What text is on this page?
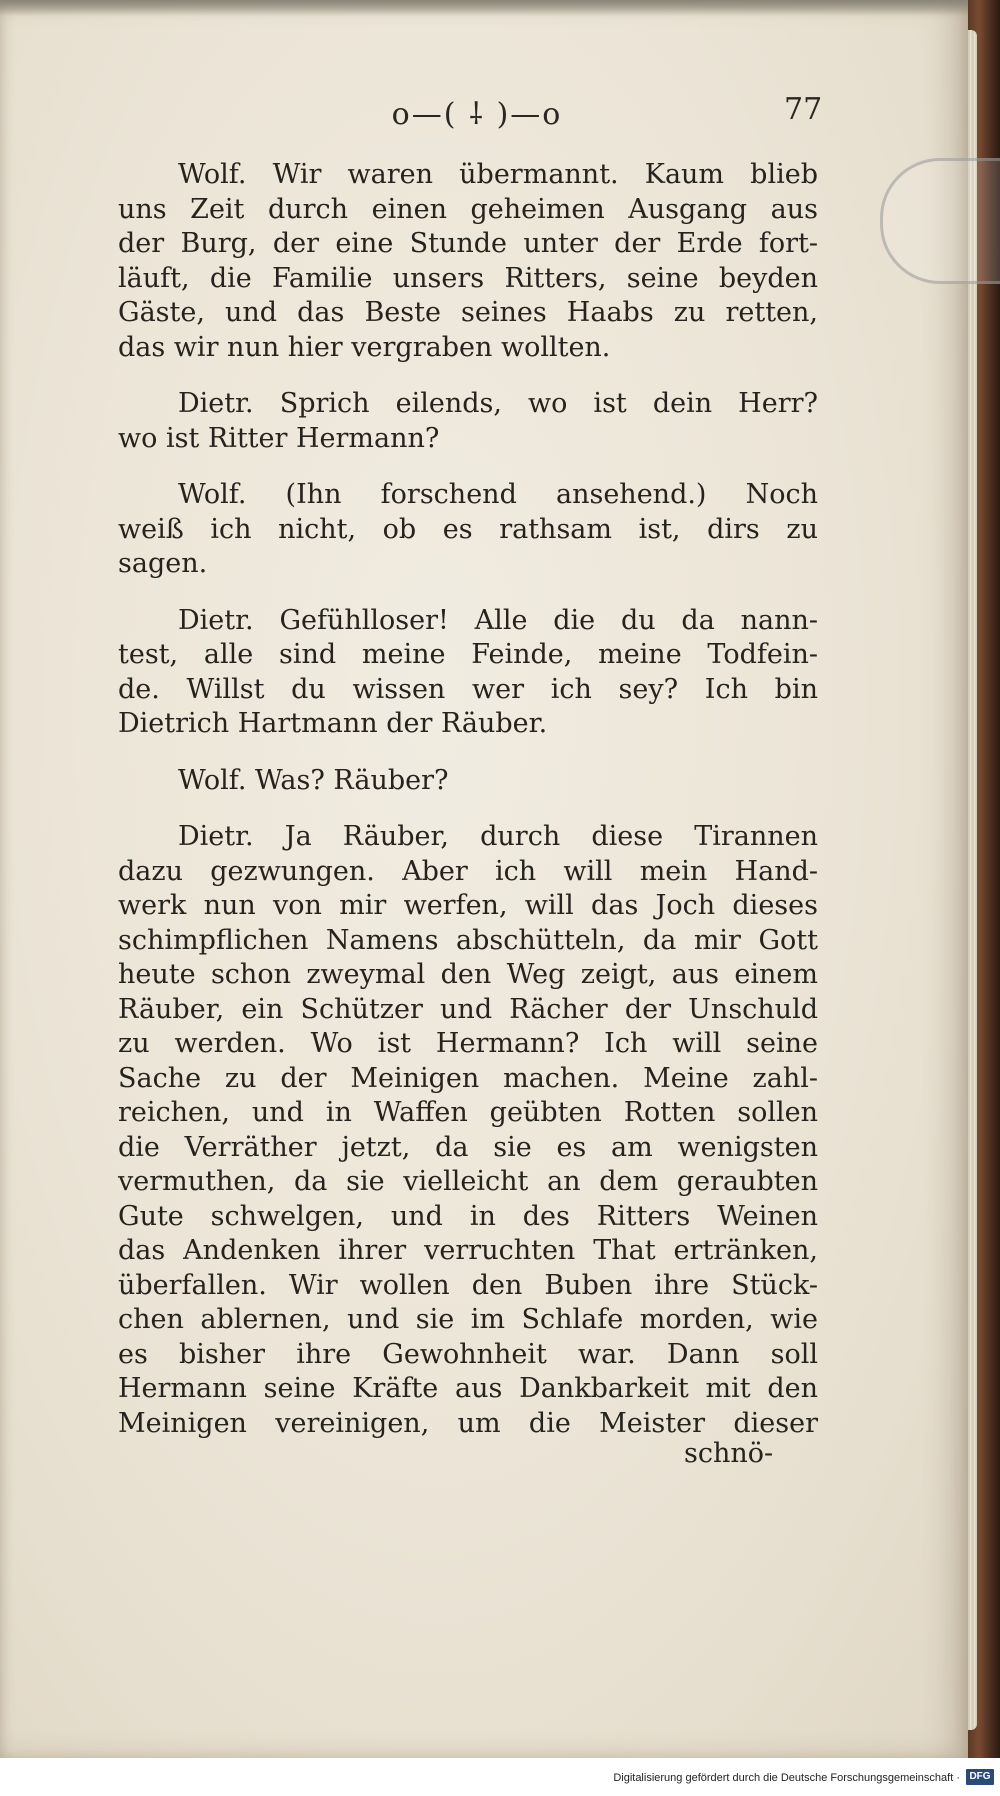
o—( ⸸ )—o	77
Wolf. Wir waren übermannt. Kaum blieb
uns Zeit durch einen geheimen Ausgang aus
der Burg, der eine Stunde unter der Erde fort-
läuft, die Familie unsers Ritters, seine beyden
Gäste, und das Beste seines Haabs zu retten,
das wir nun hier vergraben wollten.
Dietr. Sprich eilends, wo ist dein Herr?
wo ist Ritter Hermann?
Wolf. (Ihn forschend ansehend.) Noch
weiß ich nicht, ob es rathsam ist, dirs zu
sagen.
Dietr. Gefühlloser! Alle die du da nann-
test, alle sind meine Feinde, meine Todfein-
de. Willst du wissen wer ich sey? Ich bin
Dietrich Hartmann der Räuber.
Wolf. Was? Räuber?
Dietr. Ja Räuber, durch diese Tirannen
dazu gezwungen. Aber ich will mein Hand-
werk nun von mir werfen, will das Joch dieses
schimpflichen Namens abschütteln, da mir Gott
heute schon zweymal den Weg zeigt, aus einem
Räuber, ein Schützer und Rächer der Unschuld
zu werden. Wo ist Hermann? Ich will seine
Sache zu der Meinigen machen. Meine zahl-
reichen, und in Waffen geübten Rotten sollen
die Verräther jetzt, da sie es am wenigsten
vermuthen, da sie vielleicht an dem geraubten
Gute schwelgen, und in des Ritters Weinen
das Andenken ihrer verruchten That ertränken,
überfallen. Wir wollen den Buben ihre Stück-
chen ablernen, und sie im Schlafe morden, wie
es bisher ihre Gewohnheit war. Dann soll
Hermann seine Kräfte aus Dankbarkeit mit den
Meinigen vereinigen, um die Meister dieser
schnö-
Digitalisierung gefördert durch die Deutsche Forschungsgemeinschaft · DFG
